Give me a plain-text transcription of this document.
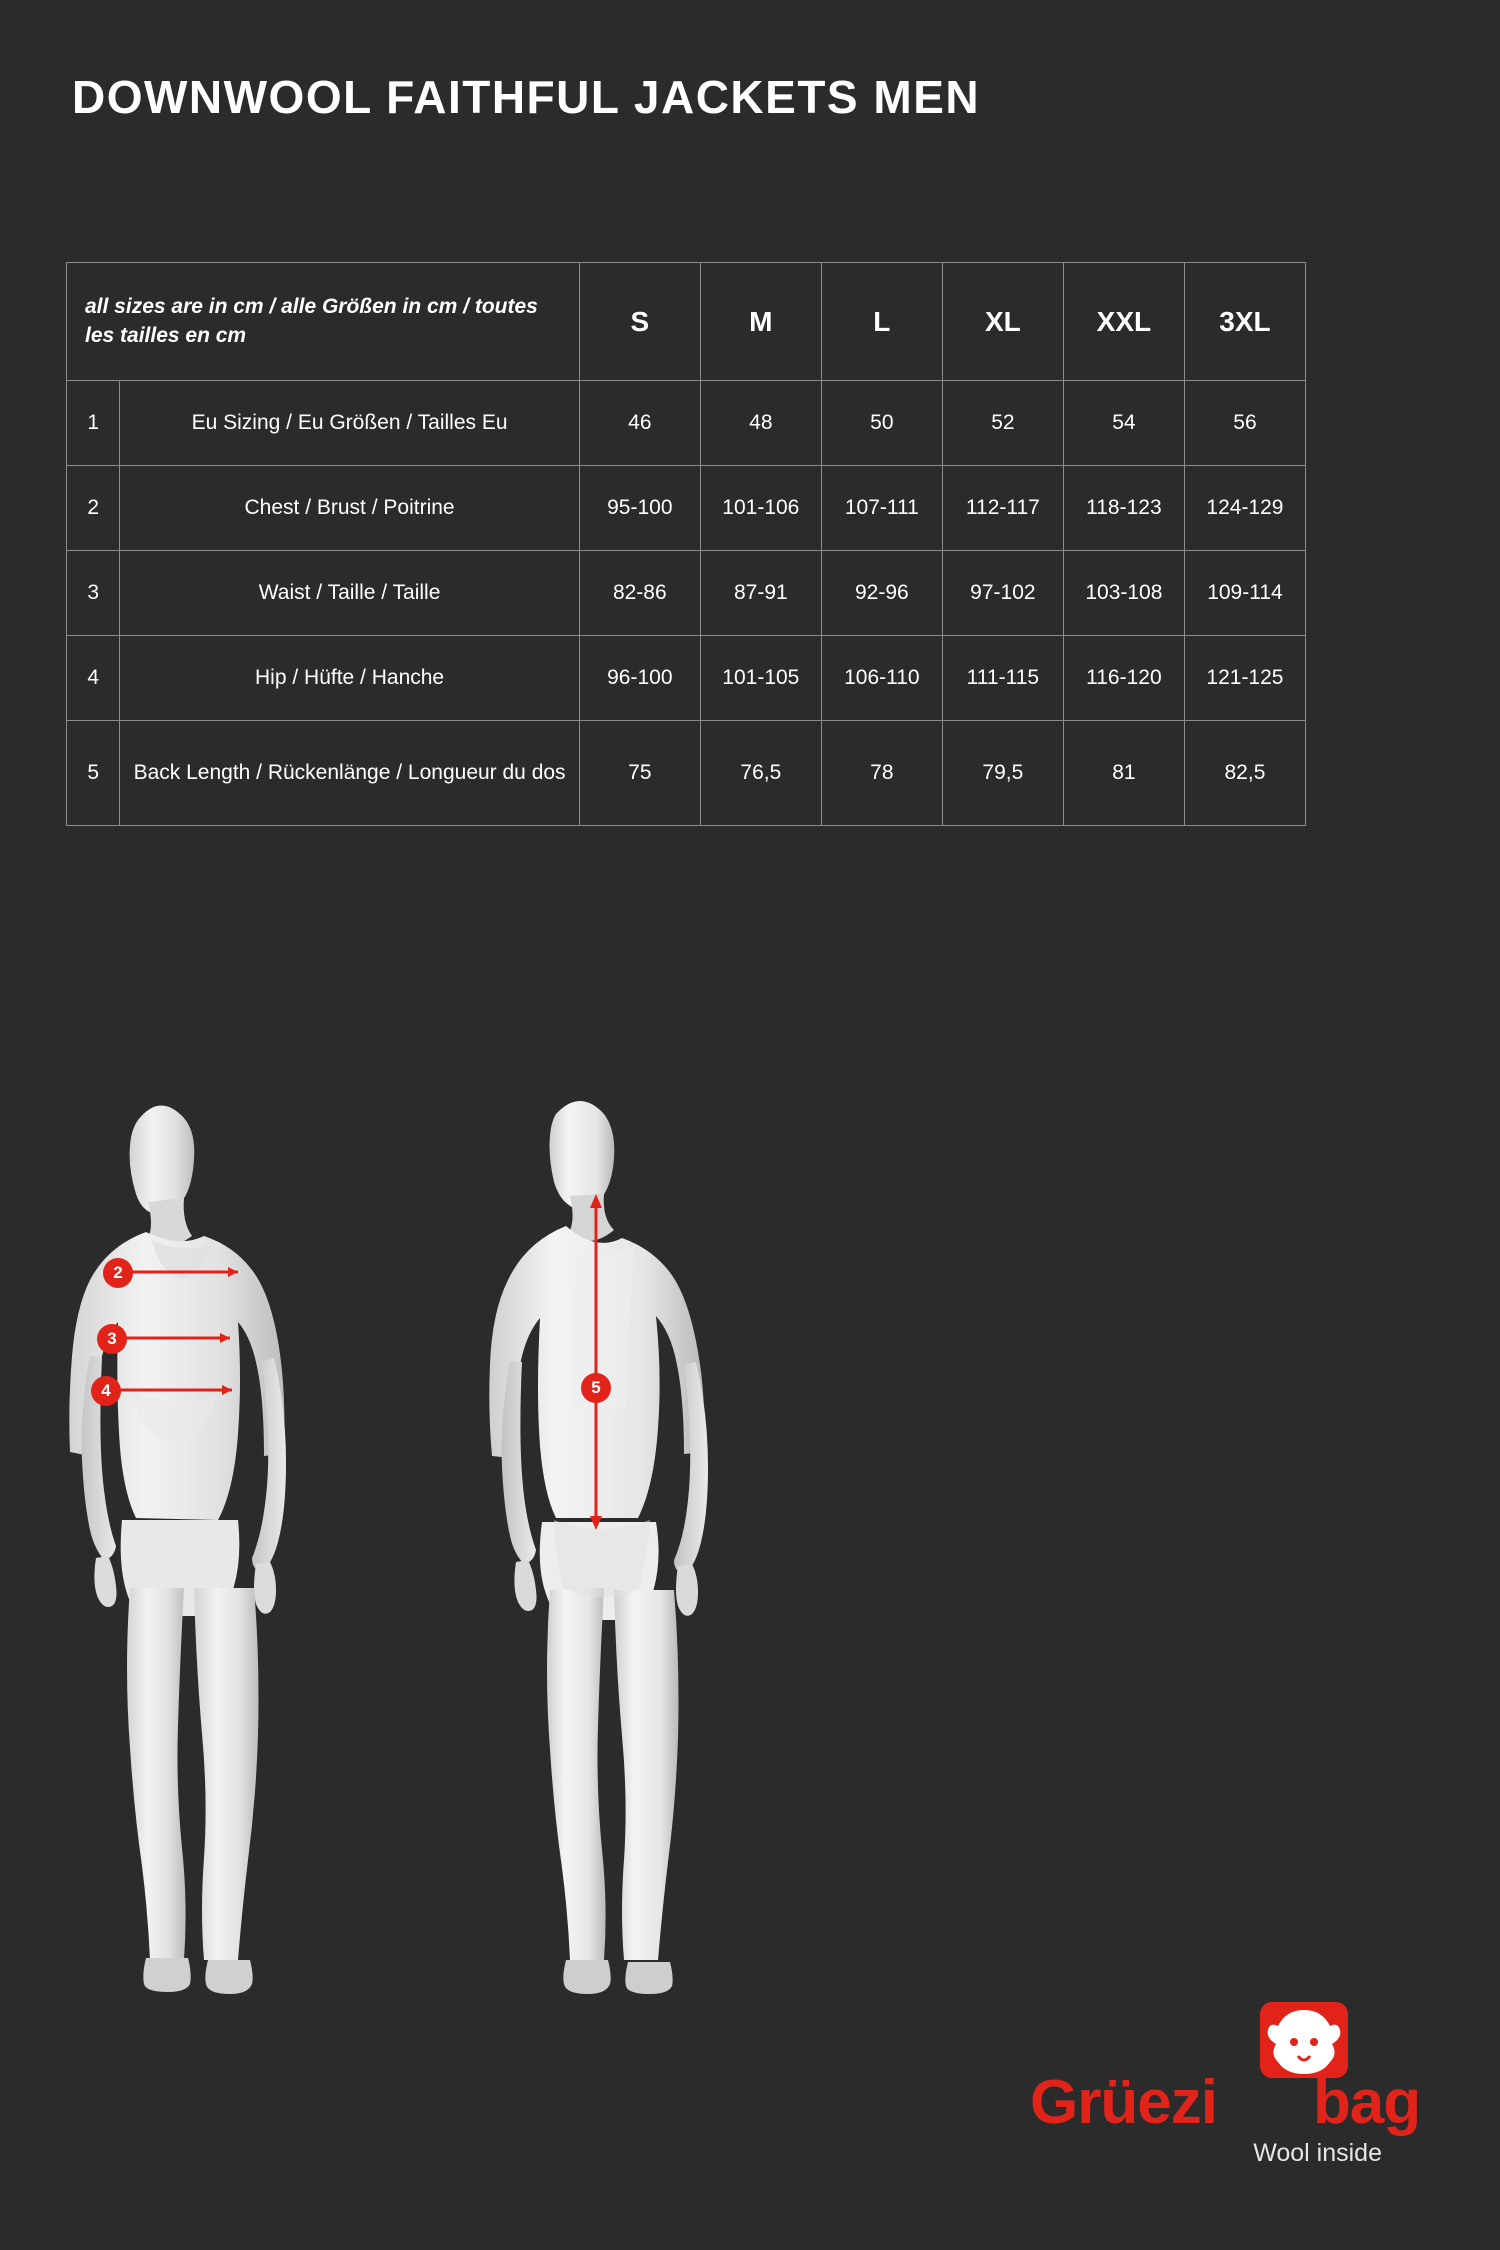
DOWNWOOL FAITHFUL JACKETS MEN
all sizes are in cm / alle Größen in cm / toutes les tailles en cm		S	M	L	XL	XXL	3XL
1	Eu Sizing / Eu Größen / Tailles Eu	46	48	50	52	54	56
2	Chest / Brust / Poitrine	95-100	101-106	107-111	112-117	118-123	124-129
3	Waist / Taille / Taille	82-86	87-91	92-96	97-102	103-108	109-114
4	Hip / Hüfte / Hanche	96-100	101-105	106-110	111-115	116-120	121-125
5	Back Length / Rückenlänge / Longueur du dos	75	76,5	78	79,5	81	82,5
2
3
4	5
Grüezi bag
Wool inside
